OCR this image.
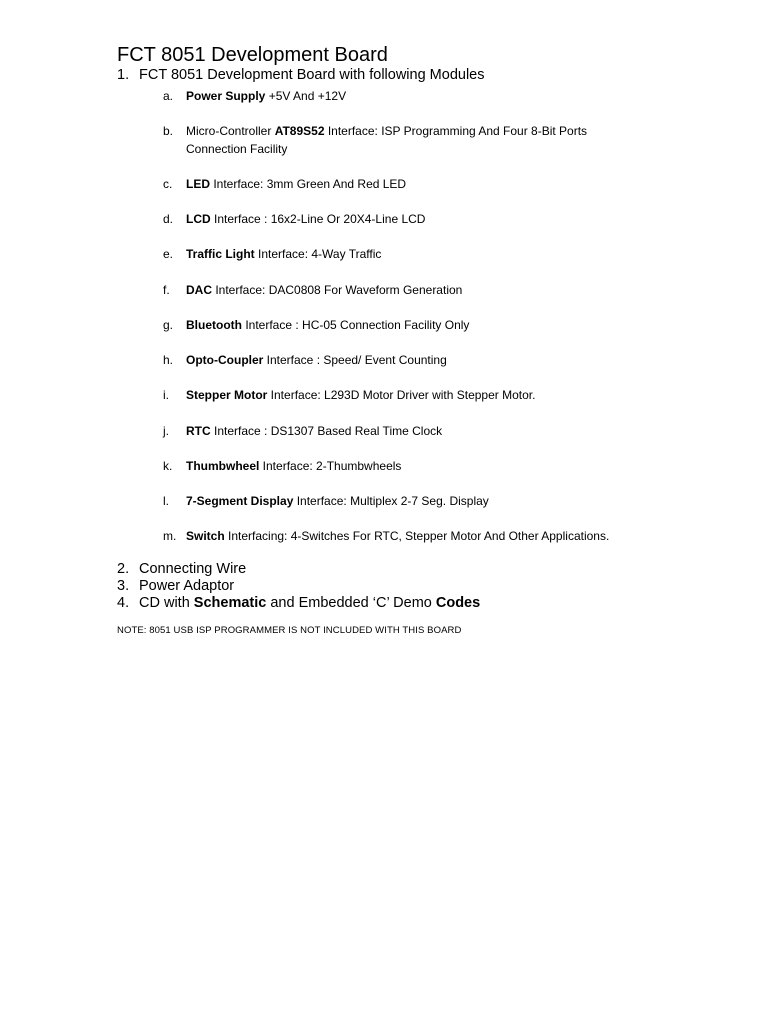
FCT 8051 Development Board
1. FCT 8051 Development Board with following Modules
a.	Power Supply +5V And +12V
b.	Micro-Controller AT89S52 Interface: ISP Programming And Four 8-Bit Ports
Connection Facility
c.	LED Interface: 3mm Green And Red LED
d.	LCD Interface : 16x2-Line Or 20X4-Line LCD
e.	Traffic Light Interface: 4-Way Traffic
f.	DAC Interface: DAC0808 For Waveform Generation
g.	Bluetooth Interface : HC-05 Connection Facility Only
h.	Opto-Coupler Interface : Speed/ Event Counting
i.	Stepper Motor Interface: L293D Motor Driver with Stepper Motor.
j.	RTC Interface : DS1307 Based Real Time Clock
k.	Thumbwheel Interface: 2-Thumbwheels
l.	7-Segment Display Interface: Multiplex 2-7 Seg. Display
m. Switch Interfacing: 4-Switches For RTC, Stepper Motor And Other Applications.
2. Connecting Wire
3. Power Adaptor
4. CD with Schematic and Embedded ‘C’ Demo Codes
NOTE: 8051 USB ISP PROGRAMMER IS NOT INCLUDED WITH THIS BOARD
